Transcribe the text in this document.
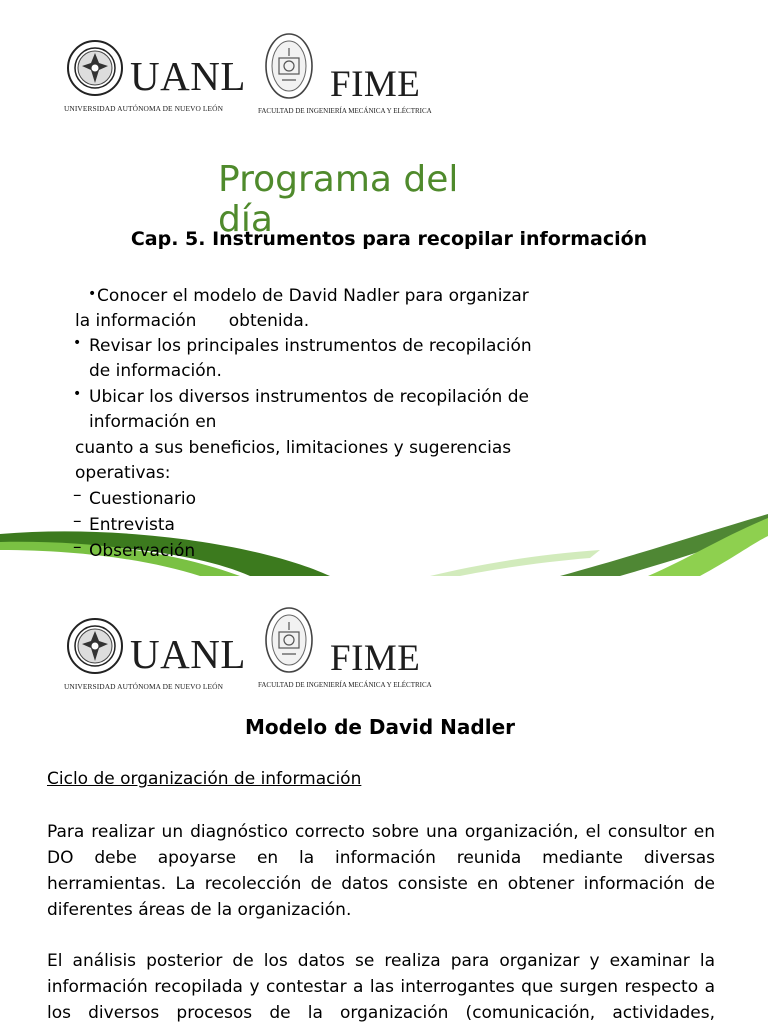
UANL
UNIVERSIDAD AUTÓNOMA DE NUEVO LEÓN
FIME
FACULTAD DE INGENIERÍA MECÁNICA Y ELÉCTRICA
Programa del día
Cap. 5. Instrumentos para recopilar información
• Conocer el modelo de David Nadler para organizar
la información      obtenida.
• Revisar los principales instrumentos de recopilación
de información.
• Ubicar los diversos instrumentos de recopilación de
información en
cuanto a sus beneficios, limitaciones y sugerencias
operativas:
– Cuestionario
Entrevista
–
Observación
–
UANL
UNIVERSIDAD AUTÓNOMA DE NUEVO LEÓN
FIME
FACULTAD DE INGENIERÍA MECÁNICA Y ELÉCTRICA
Modelo de David Nadler
Ciclo de organización de información
Para realizar un diagnóstico correcto sobre una organización, el consultor en
DO debe apoyarse en la información reunida mediante diversas
herramientas. La recolección de datos consiste en obtener información de
diferentes áreas de la organización.
El análisis posterior de los datos se realiza para organizar y examinar la
información recopilada y contestar a las interrogantes que surgen respecto a
los diversos procesos de la organización (comunicación, actividades,
